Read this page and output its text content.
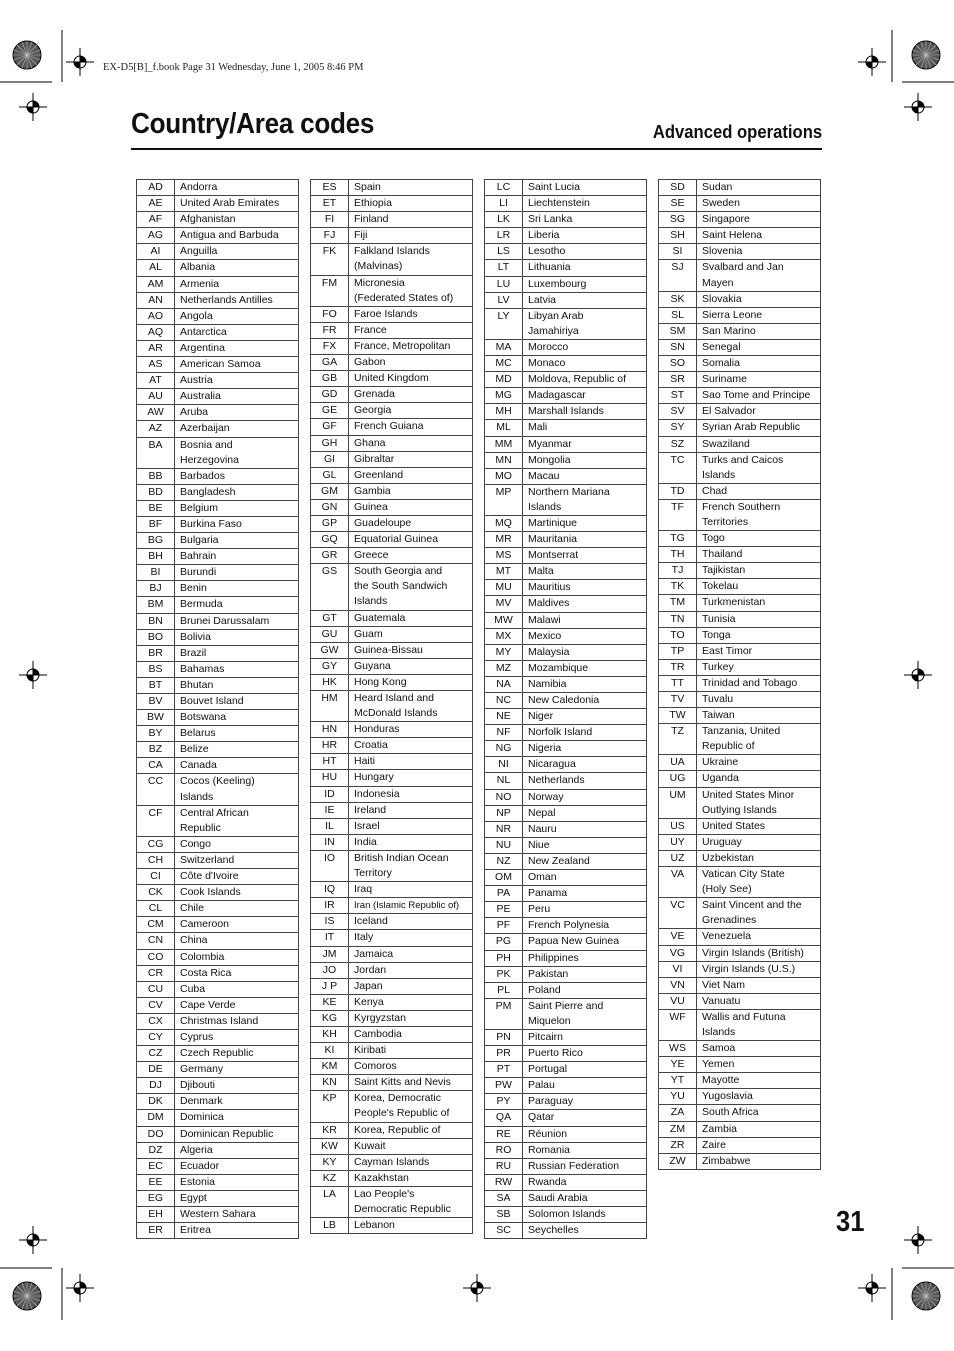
EX-D5[B]_f.book Page 31 Wednesday, June 1, 2005 8:46 PM
Country/Area codes	Advanced operations
AD	Andorra
AE	United Arab Emirates
AF	Afghanistan
AG	Antigua and Barbuda
AI	Anguilla
AL	Albania
AM	Armenia
AN	Netherlands Antilles
AO	Angola
AQ	Antarctica
AR	Argentina
AS	American Samoa
AT	Austria
AU	Australia
AW	Aruba
AZ	Azerbaijan
BA	Bosnia and
Herzegovina
BB	Barbados
BD	Bangladesh
BE	Belgium
BF	Burkina Faso
BG	Bulgaria
BH	Bahrain
BI	Burundi
BJ	Benin
BM	Bermuda
BN	Brunei Darussalam
BO	Bolivia
BR	Brazil
BS	Bahamas
BT	Bhutan
BV	Bouvet Island
BW	Botswana
BY	Belarus
BZ	Belize
CA	Canada
CC	Cocos (Keeling)
Islands
CF	Central African
Republic
CG	Congo
CH	Switzerland
CI	Côte d'Ivoire
CK	Cook Islands
CL	Chile
CM	Cameroon
CN	China
CO	Colombia
CR	Costa Rica
CU	Cuba
CV	Cape Verde
CX	Christmas Island
CY	Cyprus
CZ	Czech Republic
DE	Germany
DJ	Djibouti
DK	Denmark
DM	Dominica
DO	Dominican Republic
DZ	Algeria
EC	Ecuador
EE	Estonia
EG	Egypt
EH	Western Sahara
ER	Eritrea
ES	Spain
ET	Ethiopia
FI	Finland
FJ	Fiji
FK	Falkland Islands
(Malvinas)
FM	Micronesia
(Federated States of)
FO	Faroe Islands
FR	France
FX	France, Metropolitan
GA	Gabon
GB	United Kingdom
GD	Grenada
GE	Georgia
GF	French Guiana
GH	Ghana
GI	Gibraltar
GL	Greenland
GM	Gambia
GN	Guinea
GP	Guadeloupe
GQ	Equatorial Guinea
GR	Greece
GS	South Georgia and
the South Sandwich
Islands
GT	Guatemala
GU	Guam
GW	Guinea-Bissau
GY	Guyana
HK	Hong Kong
HM	Heard Island and
McDonald Islands
HN	Honduras
HR	Croatia
HT	Haiti
HU	Hungary
ID	Indonesia
IE	Ireland
IL	Israel
IN	India
IO	British Indian Ocean
Territory
IQ	Iraq
IR	Iran (Islamic Republic of)
IS	Iceland
IT	Italy
JM	Jamaica
JO	Jordan
J P	Japan
KE	Kenya
KG	Kyrgyzstan
KH	Cambodia
KI	Kiribati
KM	Comoros
KN	Saint Kitts and Nevis
KP	Korea, Democratic
People's Republic of
KR	Korea, Republic of
KW	Kuwait
KY	Cayman Islands
KZ	Kazakhstan
LA	Lao People's
Democratic Republic
LB	Lebanon
LC	Saint Lucia
LI	Liechtenstein
LK	Sri Lanka
LR	Liberia
LS	Lesotho
LT	Lithuania
LU	Luxembourg
LV	Latvia
LY	Libyan Arab
Jamahiriya
MA	Morocco
MC	Monaco
MD	Moldova, Republic of
MG	Madagascar
MH	Marshall Islands
ML	Mali
MM	Myanmar
MN	Mongolia
MO	Macau
MP	Northern Mariana
Islands
MQ	Martinique
MR	Mauritania
MS	Montserrat
MT	Malta
MU	Mauritius
MV	Maldives
MW	Malawi
MX	Mexico
MY	Malaysia
MZ	Mozambique
NA	Namibia
NC	New Caledonia
NE	Niger
NF	Norfolk Island
NG	Nigeria
NI	Nicaragua
NL	Netherlands
NO	Norway
NP	Nepal
NR	Nauru
NU	Niue
NZ	New Zealand
OM	Oman
PA	Panama
PE	Peru
PF	French Polynesia
PG	Papua New Guinea
PH	Philippines
PK	Pakistan
PL	Poland
PM	Saint Pierre and
Miquelon
PN	Pitcairn
PR	Puerto Rico
PT	Portugal
PW	Palau
PY	Paraguay
QA	Qatar
RE	Réunion
RO	Romania
RU	Russian Federation
RW	Rwanda
SA	Saudi Arabia
SB	Solomon Islands
SC	Seychelles
SD	Sudan
SE	Sweden
SG	Singapore
SH	Saint Helena
SI	Slovenia
SJ	Svalbard and Jan
Mayen
SK	Slovakia
SL	Sierra Leone
SM	San Marino
SN	Senegal
SO	Somalia
SR	Suriname
ST	Sao Tome and Principe
SV	El Salvador
SY	Syrian Arab Republic
SZ	Swaziland
TC	Turks and Caicos
Islands
TD	Chad
TF	French Southern
Territories
TG	Togo
TH	Thailand
TJ	Tajikistan
TK	Tokelau
TM	Turkmenistan
TN	Tunisia
TO	Tonga
TP	East Timor
TR	Turkey
TT	Trinidad and Tobago
TV	Tuvalu
TW	Taiwan
TZ	Tanzania, United
Republic of
UA	Ukraine
UG	Uganda
UM	United States Minor
Outlying Islands
US	United States
UY	Uruguay
UZ	Uzbekistan
VA	Vatican City State
(Holy See)
VC	Saint Vincent and the
Grenadines
VE	Venezuela
VG	Virgin Islands (British)
VI	Virgin Islands (U.S.)
VN	Viet Nam
VU	Vanuatu
WF	Wallis and Futuna
Islands
WS	Samoa
YE	Yemen
YT	Mayotte
YU	Yugoslavia
ZA	South Africa
ZM	Zambia
ZR	Zaire
ZW	Zimbabwe
31
